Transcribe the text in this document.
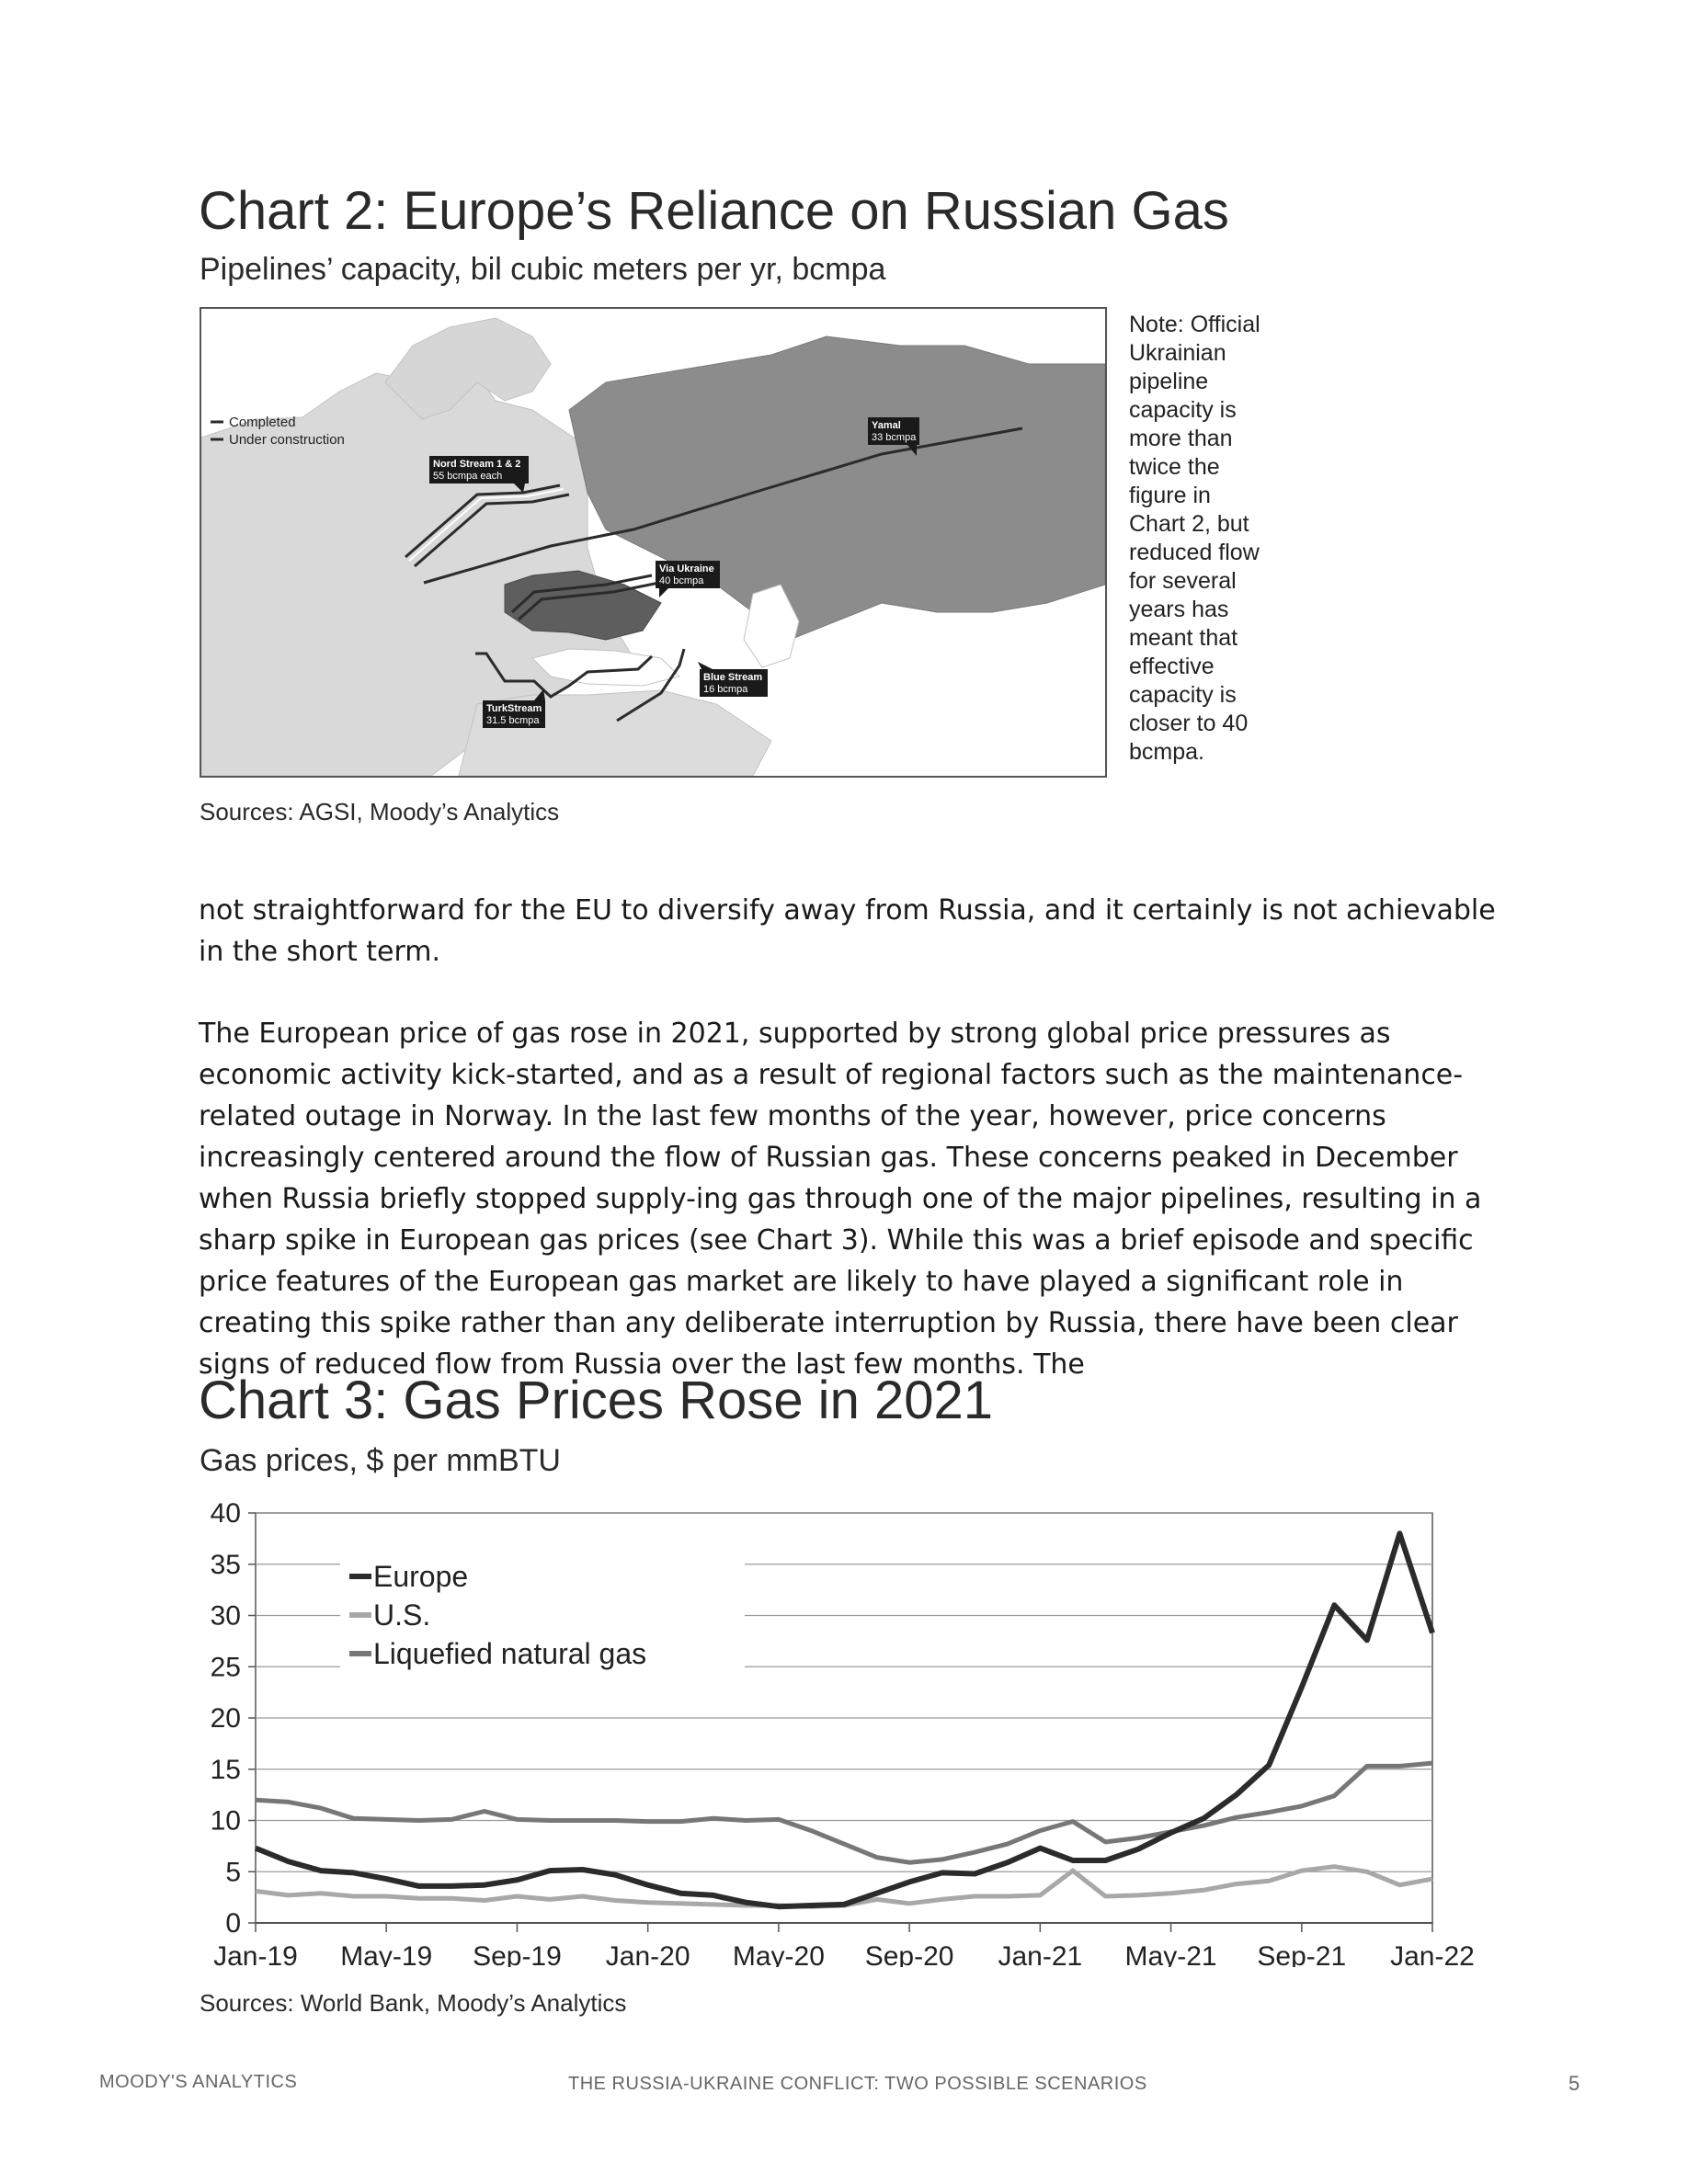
Chart 2: Europe’s Reliance on Russian Gas
Pipelines’ capacity, bil cubic meters per yr, bcmpa
Completed
Under construction
Nord Stream 1 & 2
55 bcmpa each
Yamal
33 bcmpa
Via Ukraine
40 bcmpa
Blue Stream
16 bcmpa
TurkStream
31.5 bcmpa
Note: Official Ukrainian pipeline capacity is more than twice the figure in Chart 2, but reduced flow for several years has meant that effective capacity is closer to 40 bcmpa.
Sources: AGSI, Moody’s Analytics

not straightforward for the EU to diversify away from Russia, and it certainly is not achievable in the short term.

The European price of gas rose in 2021, supported by strong global price pressures as economic activity kick-started, and as a result of regional factors such as the maintenance-related outage in Norway. In the last few months of the year, however, price concerns increasingly centered around the flow of Russian gas. These concerns peaked in December when Russia briefly stopped supply-ing gas through one of the major pipelines, resulting in a sharp spike in European gas prices (see Chart 3). While this was a brief episode and specific price features of the European gas market are likely to have played a significant role in creating this spike rather than any deliberate interruption by Russia, there have been clear signs of reduced flow from Russia over the last few months. The

Chart 3: Gas Prices Rose in 2021
Gas prices, $ per mmBTU
0
5
10
15
20
25
30
35
40
Jan-19 May-19 Sep-19 Jan-20 May-20 Sep-20 Jan-21 May-21 Sep-21 Jan-22
Europe
U.S.
Liquefied natural gas
Sources: World Bank, Moody’s Analytics
MOODY'S ANALYTICS	THE RUSSIA-UKRAINE CONFLICT: TWO POSSIBLE SCENARIOS	5
